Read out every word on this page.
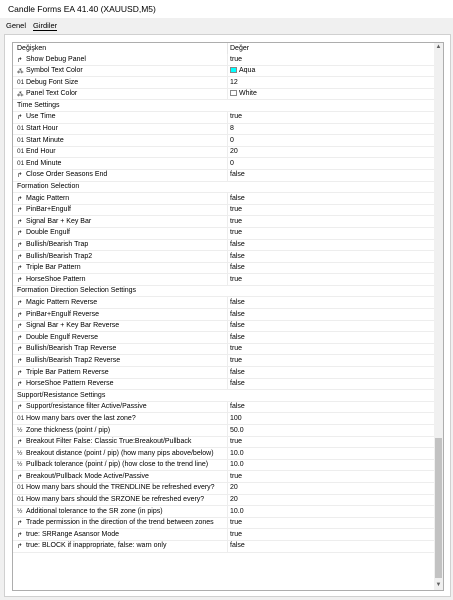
Candle Forms EA 41.40 (XAUUSD,M5)
Genel Girdiler
Değişken	Değer
↱ Show Debug Panel	true
⁂ Symbol Text Color	Aqua
01 Debug Font Size	12
⁂ Panel Text Color	White
Time Settings
↱ Use Time	true
01 Start Hour	8
01 Start Minute	0
01 End Hour	20
01 End Minute	0
↱ Close Order Seasons End	false
Formation Selection
↱ Magic Pattern	false
↱ PinBar+Engulf	true
↱ Signal Bar + Key Bar	true
↱ Double Engulf	true
↱ Bullish/Bearish Trap	false
↱ Bullish/Bearish Trap2	false
↱ Triple Bar Pattern	false
↱ HorseShoe Pattern	true
Formation Direction Selection Settings
↱ Magic Pattern Reverse	false
↱ PinBar+Engulf Reverse	false
↱ Signal Bar + Key Bar Reverse	false
↱ Double Engulf Reverse	false
↱ Bullish/Bearish Trap Reverse	true
↱ Bullish/Bearish Trap2 Reverse	true
↱ Triple Bar Pattern Reverse	false
↱ HorseShoe Pattern Reverse	false
Support/Resistance Settings
↱ Support/resistance filter Active/Passive	false
01 How many bars over the last zone?	100
½ Zone thickness (point / pip)	50.0
↱ Breakout Filter False: Classic True:Breakout/Pullback	true
½ Breakout distance (point / pip) (how many pips above/below) 10.0
½ Pullback tolerance (point / pip) (how close to the trend line)	10.0
↱ Breakout/Pullback Mode Active/Passive	true
01 How many bars should the TRENDLINE be refreshed every? 20
01 How many bars should the SRZONE be refreshed every?	20
½ Additional tolerance to the SR zone (in pips)	10.0
↱ Trade permission in the direction of the trend between zones true
↱ true: SRRange Asansor Mode	true
↱ true: BLOCK if inappropriate, false: warn only	false
▲
▼
